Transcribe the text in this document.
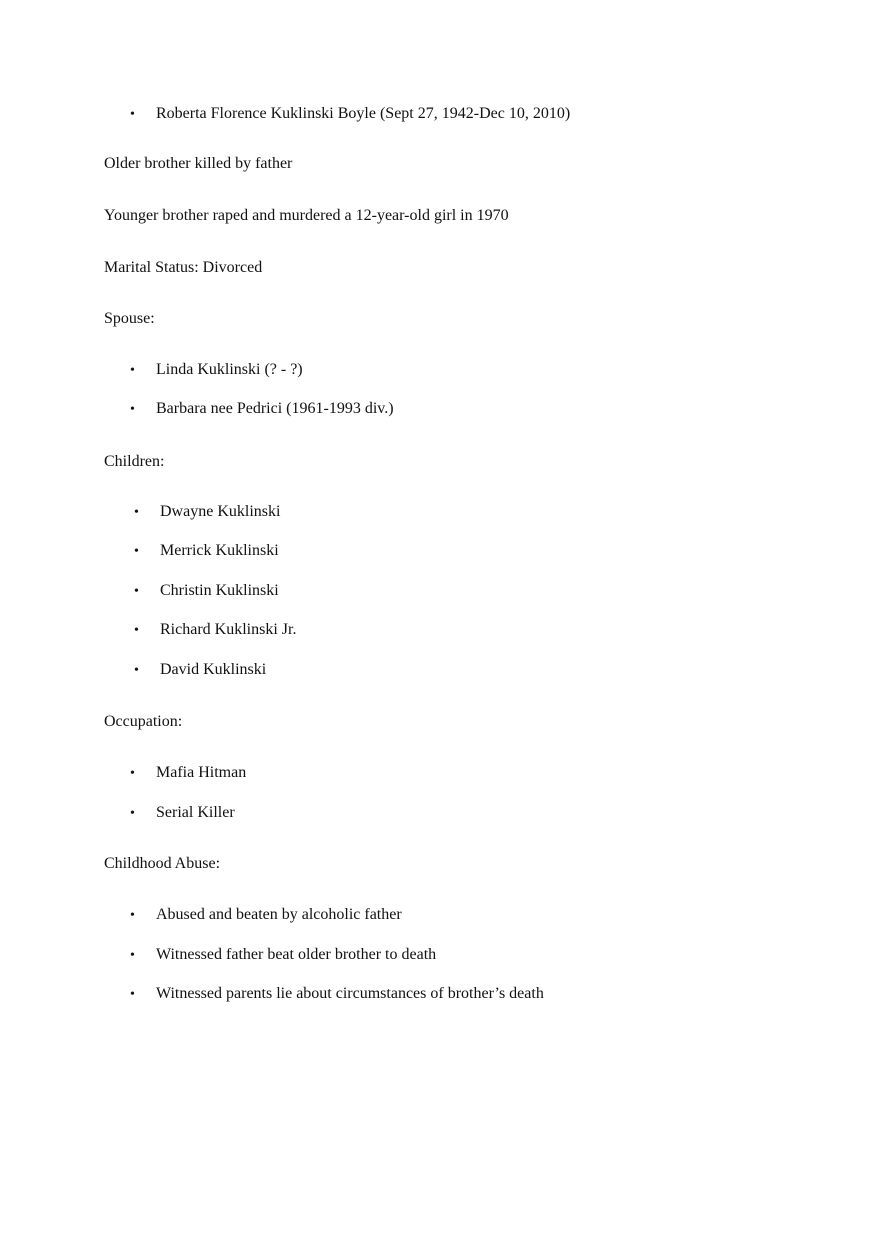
• Roberta Florence Kuklinski Boyle (Sept 27, 1942-Dec 10, 2010)
Older brother killed by father
Younger brother raped and murdered a 12-year-old girl in 1970
Marital Status: Divorced
Spouse:
• Linda Kuklinski (? - ?)
• Barbara nee Pedrici (1961-1993 div.)
Children:
• Dwayne Kuklinski
• Merrick Kuklinski
• Christin Kuklinski
• Richard Kuklinski Jr.
• David Kuklinski
Occupation:
• Mafia Hitman
• Serial Killer
Childhood Abuse:
• Abused and beaten by alcoholic father
• Witnessed father beat older brother to death
• Witnessed parents lie about circumstances of brother’s death
